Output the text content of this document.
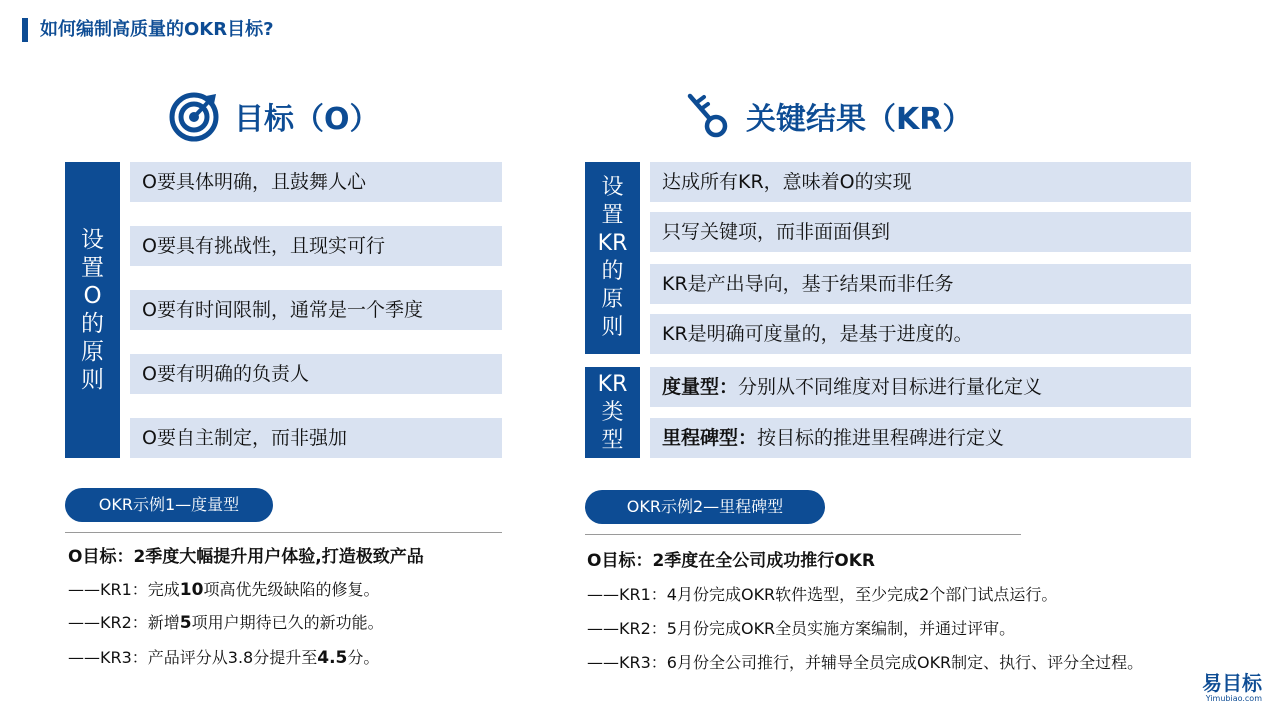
如何编制高质量的OKR目标?
目标（O）	关键结果（KR）
设
置
O
的
原
则
O要具体明确，且鼓舞人心
O要具有挑战性，且现实可行
O要有时间限制，通常是一个季度
O要有明确的负责人
O要自主制定，而非强加
设
置
KR
的
原
则
达成所有KR，意味着O的实现
只写关键项，而非面面俱到
KR是产出导向，基于结果而非任务
KR是明确可度量的，是基于进度的。
KR
类
型
度量型：分别从不同维度对目标进行量化定义
里程碑型：按目标的推进里程碑进行定义
OKR示例1—度量型
O目标：2季度大幅提升用户体验,打造极致产品
——KR1：完成10项高优先级缺陷的修复。
——KR2：新增5项用户期待已久的新功能。
——KR3：产品评分从3.8分提升至4.5分。
OKR示例2—里程碑型
O目标：2季度在全公司成功推行OKR
——KR1：4月份完成OKR软件选型，至少完成2个部门试点运行。
——KR2：5月份完成OKR全员实施方案编制，并通过评审。
——KR3：6月份全公司推行，并辅导全员完成OKR制定、执行、评分全过程。
易目标
Yimubiao.com
